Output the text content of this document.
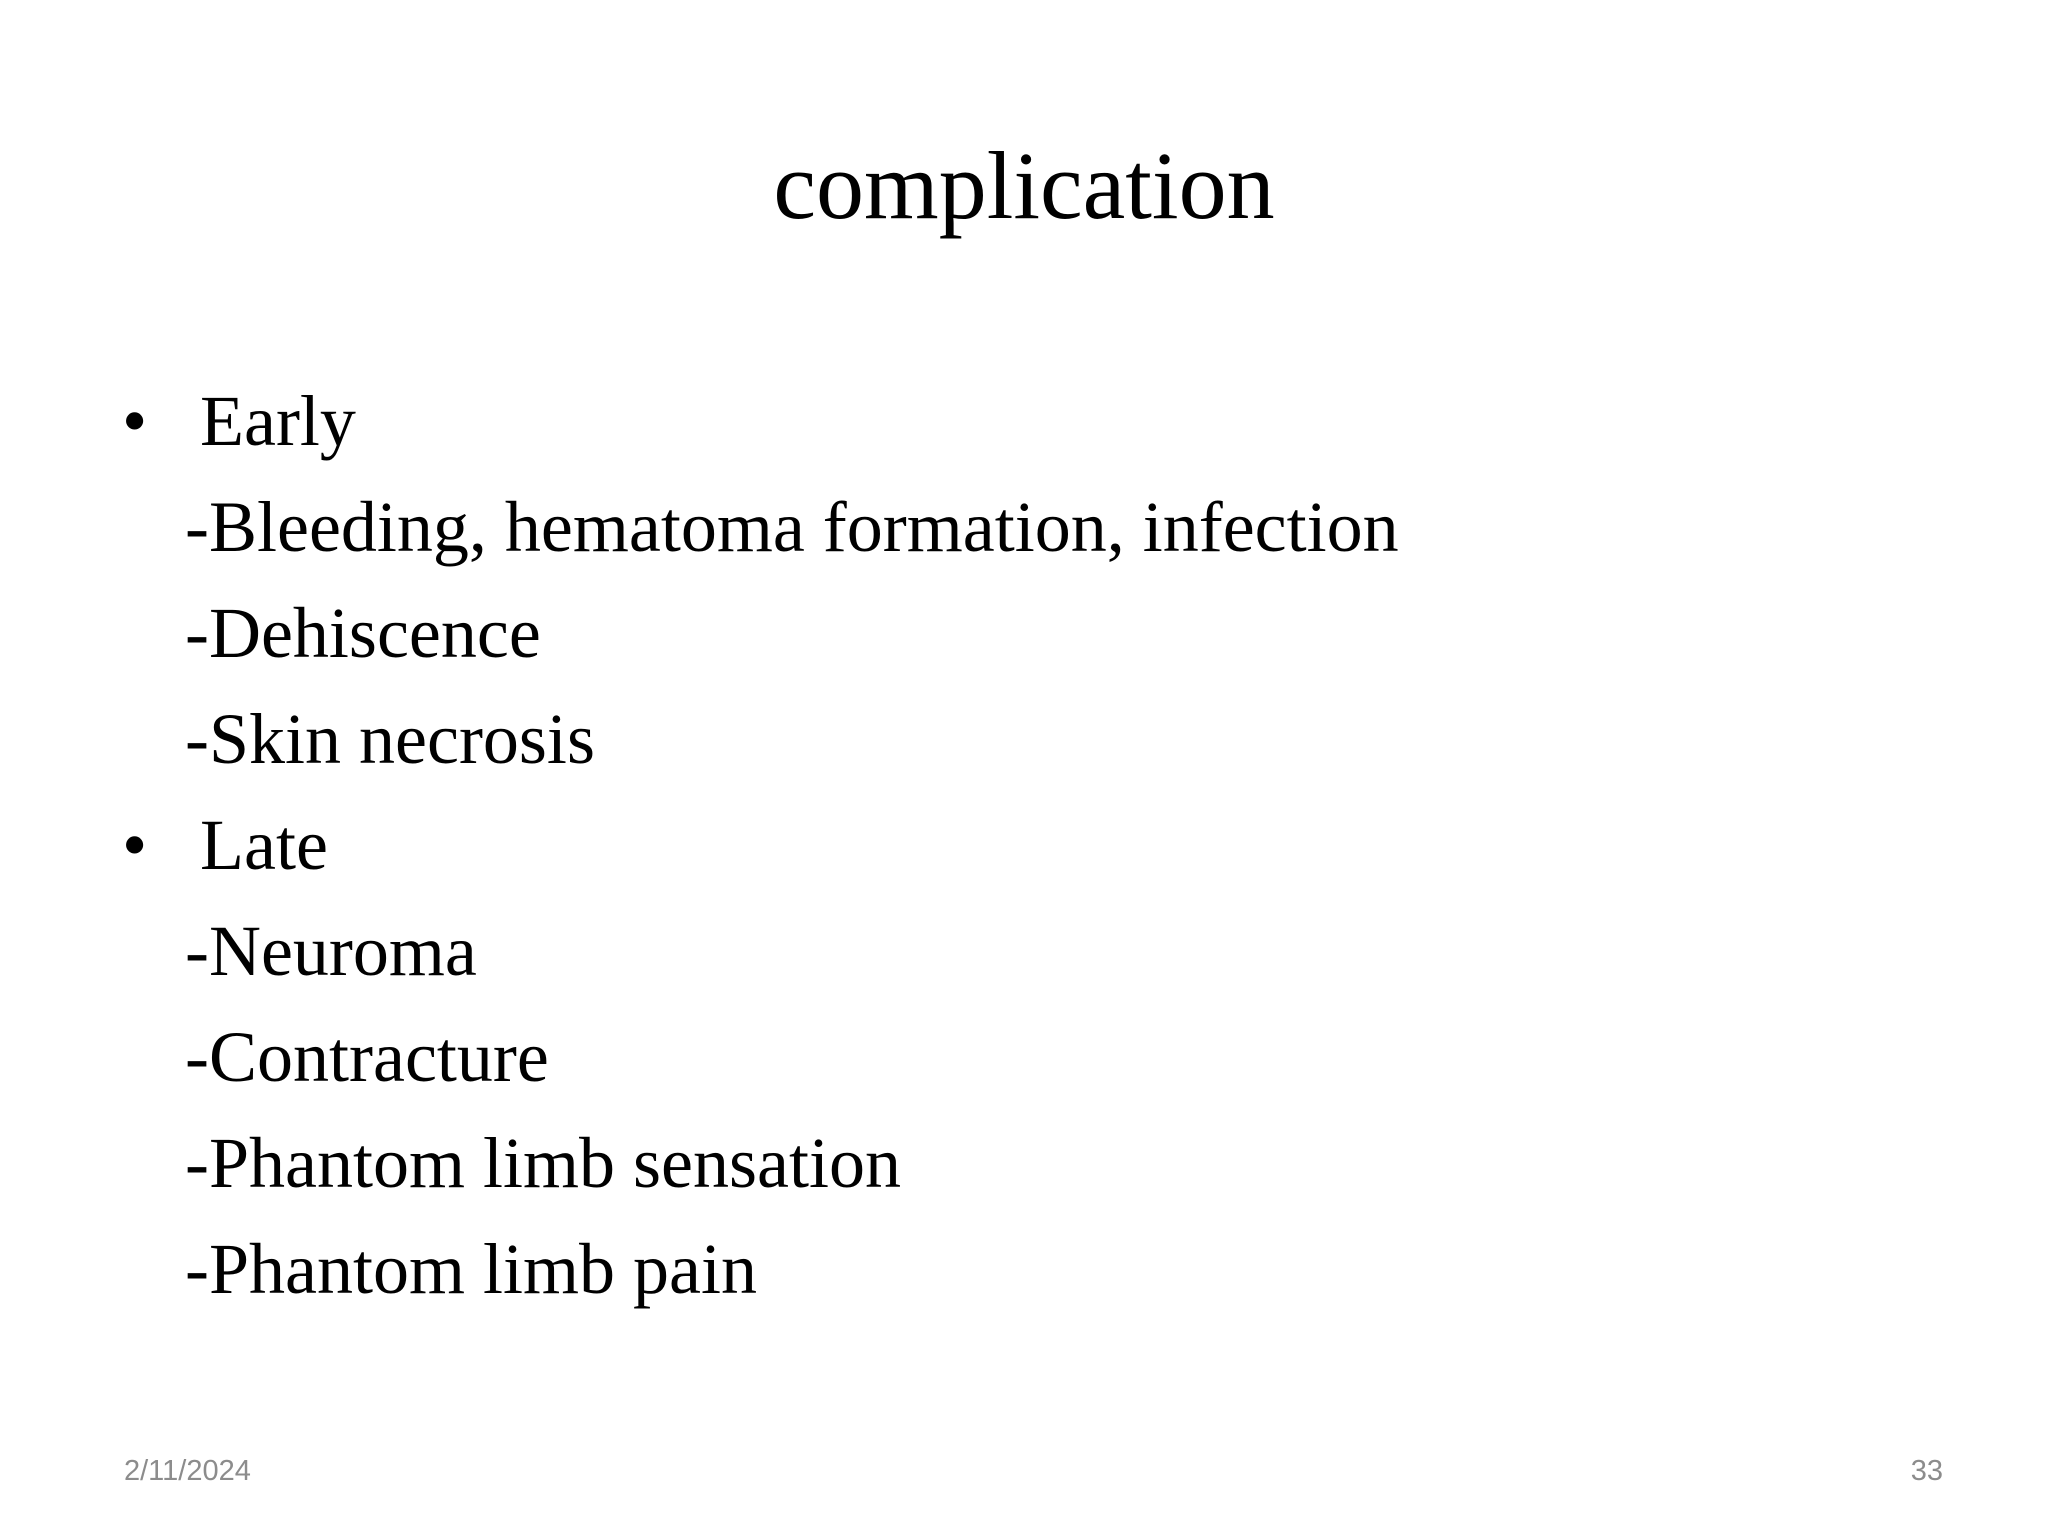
complication
• Early
-Bleeding, hematoma formation, infection
-Dehiscence
-Skin necrosis
• Late
-Neuroma
-Contracture
-Phantom limb sensation
-Phantom limb pain
2/11/2024	33
